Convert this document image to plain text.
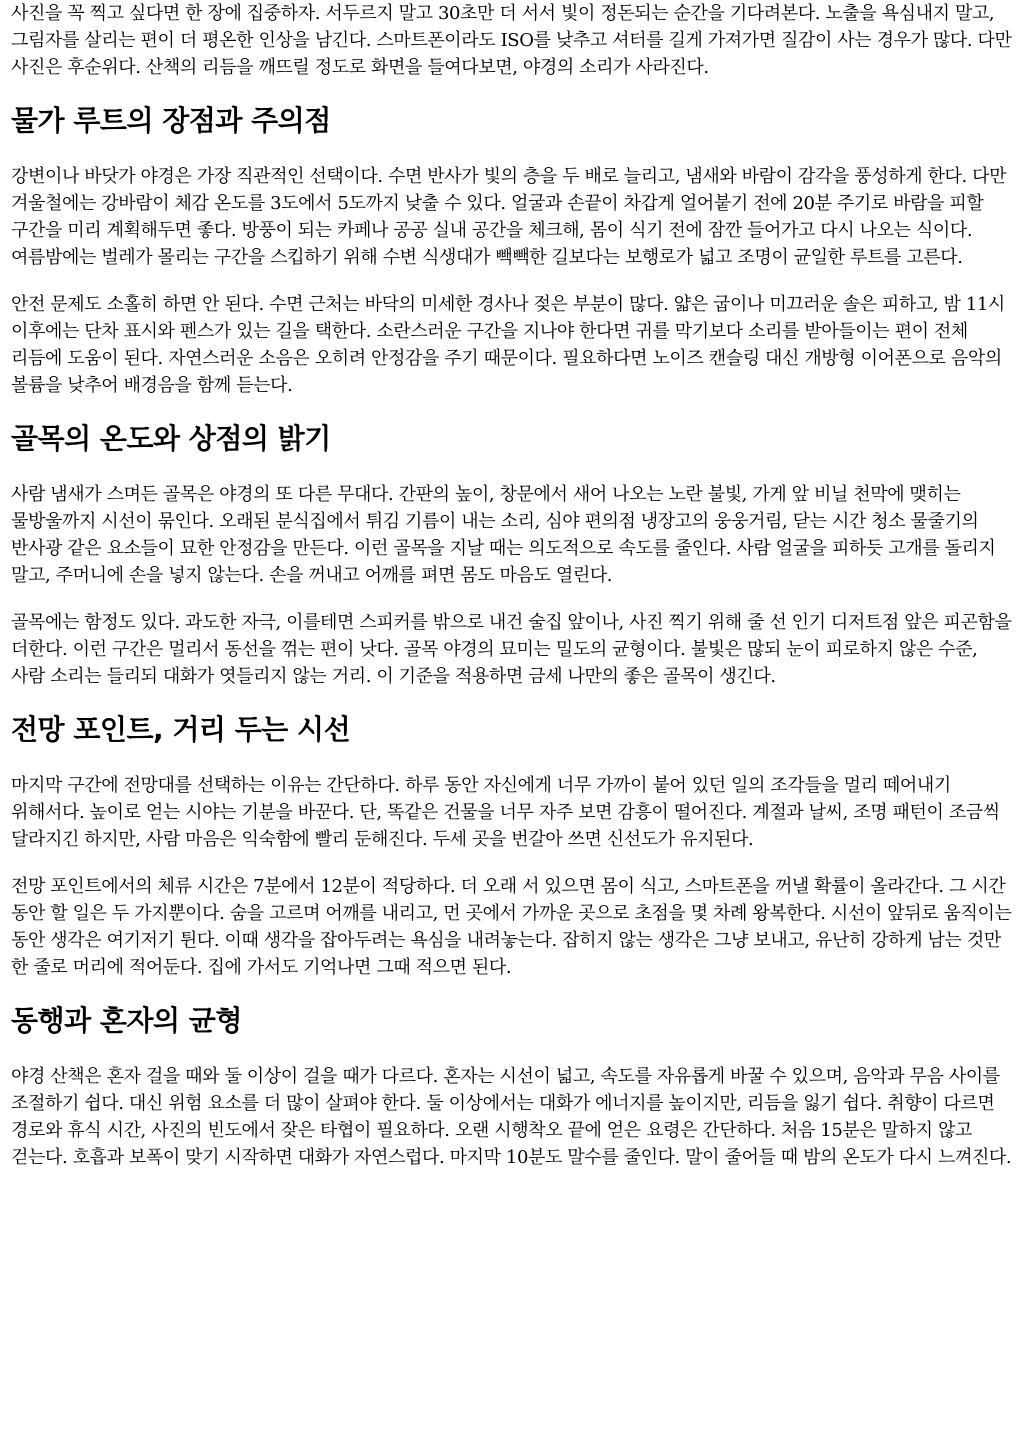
사진을 꼭 찍고 싶다면 한 장에 집중하자. 서두르지 말고 30초만 더 서서 빛이 정돈되는 순간을 기다려본다. 노출을 욕심내지 말고, 그림자를 살리는 편이 더 평온한 인상을 남긴다. 스마트폰이라도 ISO를 낮추고 셔터를 길게 가져가면 질감이 사는 경우가 많다. 다만 사진은 후순위다. 산책의 리듬을 깨뜨릴 정도로 화면을 들여다보면, 야경의 소리가 사라진다.

물가 루트의 장점과 주의점

강변이나 바닷가 야경은 가장 직관적인 선택이다. 수면 반사가 빛의 층을 두 배로 늘리고, 냄새와 바람이 감각을 풍성하게 한다. 다만 겨울철에는 강바람이 체감 온도를 3도에서 5도까지 낮출 수 있다. 얼굴과 손끝이 차갑게 얼어붙기 전에 20분 주기로 바람을 피할 구간을 미리 계획해두면 좋다. 방풍이 되는 카페나 공공 실내 공간을 체크해, 몸이 식기 전에 잠깐 들어가고 다시 나오는 식이다. 여름밤에는 벌레가 몰리는 구간을 스킵하기 위해 수변 식생대가 빽빽한 길보다는 보행로가 넓고 조명이 균일한 루트를 고른다.

안전 문제도 소홀히 하면 안 된다. 수면 근처는 바닥의 미세한 경사나 젖은 부분이 많다. 얇은 굽이나 미끄러운 솔은 피하고, 밤 11시 이후에는 단차 표시와 펜스가 있는 길을 택한다. 소란스러운 구간을 지나야 한다면 귀를 막기보다 소리를 받아들이는 편이 전체 리듬에 도움이 된다. 자연스러운 소음은 오히려 안정감을 주기 때문이다. 필요하다면 노이즈 캔슬링 대신 개방형 이어폰으로 음악의 볼륨을 낮추어 배경음을 함께 듣는다.

골목의 온도와 상점의 밝기

사람 냄새가 스며든 골목은 야경의 또 다른 무대다. 간판의 높이, 창문에서 새어 나오는 노란 불빛, 가게 앞 비닐 천막에 맺히는 물방울까지 시선이 묶인다. 오래된 분식집에서 튀김 기름이 내는 소리, 심야 편의점 냉장고의 웅웅거림, 닫는 시간 청소 물줄기의 반사광 같은 요소들이 묘한 안정감을 만든다. 이런 골목을 지날 때는 의도적으로 속도를 줄인다. 사람 얼굴을 피하듯 고개를 돌리지 말고, 주머니에 손을 넣지 않는다. 손을 꺼내고 어깨를 펴면 몸도 마음도 열린다.

골목에는 함정도 있다. 과도한 자극, 이를테면 스피커를 밖으로 내건 술집 앞이나, 사진 찍기 위해 줄 선 인기 디저트점 앞은 피곤함을 더한다. 이런 구간은 멀리서 동선을 꺾는 편이 낫다. 골목 야경의 묘미는 밀도의 균형이다. 불빛은 많되 눈이 피로하지 않은 수준, 사람 소리는 들리되 대화가 엿들리지 않는 거리. 이 기준을 적용하면 금세 나만의 좋은 골목이 생긴다.

전망 포인트, 거리 두는 시선

마지막 구간에 전망대를 선택하는 이유는 간단하다. 하루 동안 자신에게 너무 가까이 붙어 있던 일의 조각들을 멀리 떼어내기 위해서다. 높이로 얻는 시야는 기분을 바꾼다. 단, 똑같은 건물을 너무 자주 보면 감흥이 떨어진다. 계절과 날씨, 조명 패턴이 조금씩 달라지긴 하지만, 사람 마음은 익숙함에 빨리 둔해진다. 두세 곳을 번갈아 쓰면 신선도가 유지된다.

전망 포인트에서의 체류 시간은 7분에서 12분이 적당하다. 더 오래 서 있으면 몸이 식고, 스마트폰을 꺼낼 확률이 올라간다. 그 시간 동안 할 일은 두 가지뿐이다. 숨을 고르며 어깨를 내리고, 먼 곳에서 가까운 곳으로 초점을 몇 차례 왕복한다. 시선이 앞뒤로 움직이는 동안 생각은 여기저기 튄다. 이때 생각을 잡아두려는 욕심을 내려놓는다. 잡히지 않는 생각은 그냥 보내고, 유난히 강하게 남는 것만 한 줄로 머리에 적어둔다. 집에 가서도 기억나면 그때 적으면 된다.

동행과 혼자의 균형

야경 산책은 혼자 걸을 때와 둘 이상이 걸을 때가 다르다. 혼자는 시선이 넓고, 속도를 자유롭게 바꿀 수 있으며, 음악과 무음 사이를 조절하기 쉽다. 대신 위험 요소를 더 많이 살펴야 한다. 둘 이상에서는 대화가 에너지를 높이지만, 리듬을 잃기 쉽다. 취향이 다르면 경로와 휴식 시간, 사진의 빈도에서 잦은 타협이 필요하다. 오랜 시행착오 끝에 얻은 요령은 간단하다. 처음 15분은 말하지 않고 걷는다. 호흡과 보폭이 맞기 시작하면 대화가 자연스럽다. 마지막 10분도 말수를 줄인다. 말이 줄어들 때 밤의 온도가 다시 느껴진다.
